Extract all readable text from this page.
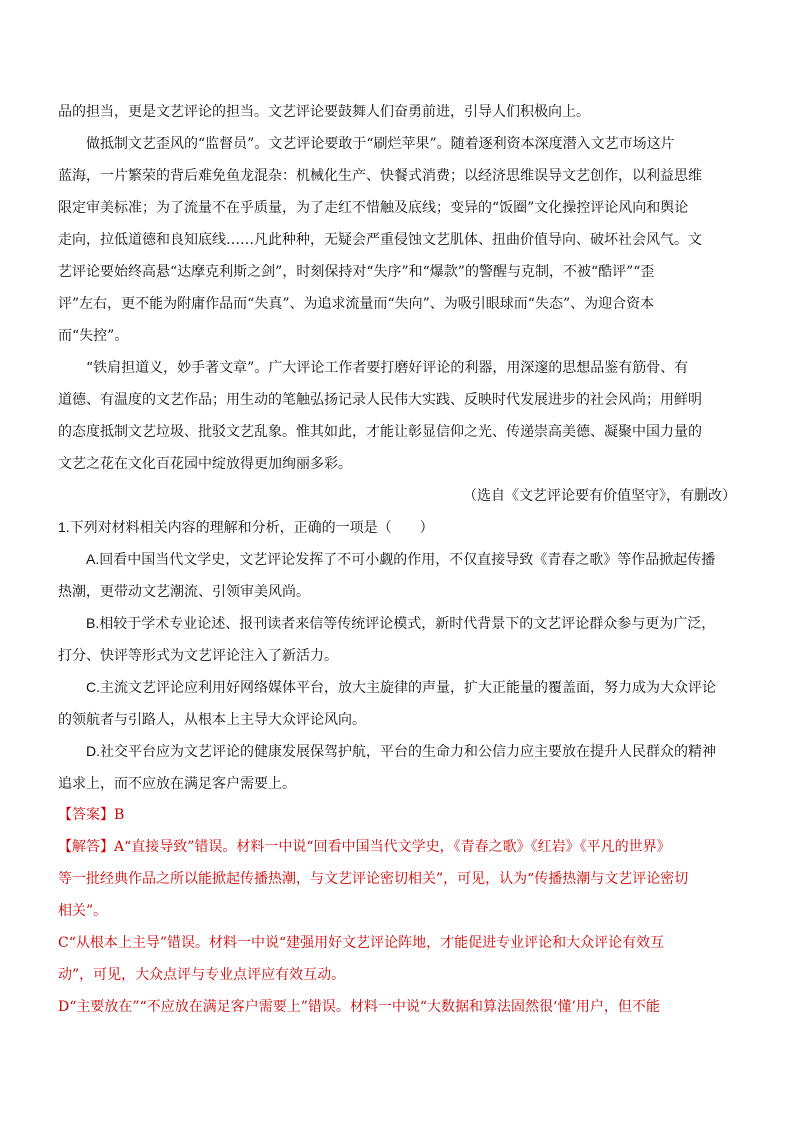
品的担当，更是文艺评论的担当。文艺评论要鼓舞人们奋勇前进，引导人们积极向上。
做抵制文艺歪风的“监督员”。文艺评论要敢于“刷烂苹果”。随着逐利资本深度潜入文艺市场这片
蓝海，一片繁荣的背后难免鱼龙混杂：机械化生产、快餐式消费；以经济思维误导文艺创作，以利益思维
限定审美标准；为了流量不在乎质量，为了走红不惜触及底线；变异的“饭圈”文化操控评论风向和舆论
走向，拉低道德和良知底线……凡此种种，无疑会严重侵蚀文艺肌体、扭曲价值导向、破坏社会风气。文
艺评论要始终高悬“达摩克利斯之剑”，时刻保持对“失序”和“爆款”的警醒与克制，不被“酷评”“歪
评”左右，更不能为附庸作品而“失真”、为追求流量而“失向”、为吸引眼球而“失态”、为迎合资本
而“失控”。
“铁肩担道义，妙手著文章”。广大评论工作者要打磨好评论的利器，用深邃的思想品鉴有筋骨、有
道德、有温度的文艺作品；用生动的笔触弘扬记录人民伟大实践、反映时代发展进步的社会风尚；用鲜明
的态度抵制文艺垃圾、批驳文艺乱象。惟其如此，才能让彰显信仰之光、传递崇高美德、凝聚中国力量的
文艺之花在文化百花园中绽放得更加绚丽多彩。
（选自《文艺评论要有价值坚守》，有删改）
1.下列对材料相关内容的理解和分析，正确的一项是（　　）
A.回看中国当代文学史，文艺评论发挥了不可小觑的作用，不仅直接导致《青春之歌》等作品掀起传播
热潮，更带动文艺潮流、引领审美风尚。
B.相较于学术专业论述、报刊读者来信等传统评论模式，新时代背景下的文艺评论群众参与更为广泛，
打分、快评等形式为文艺评论注入了新活力。
C.主流文艺评论应利用好网络媒体平台，放大主旋律的声量，扩大正能量的覆盖面，努力成为大众评论
的领航者与引路人，从根本上主导大众评论风向。
D.社交平台应为文艺评论的健康发展保驾护航，平台的生命力和公信力应主要放在提升人民群众的精神
追求上，而不应放在满足客户需要上。
【答案】B
【解答】A“直接导致”错误。材料一中说“回看中国当代文学史，《青春之歌》《红岩》《平凡的世界》
等一批经典作品之所以能掀起传播热潮，与文艺评论密切相关”，可见，认为“传播热潮与文艺评论密切
相关”。
C“从根本上主导”错误。材料一中说“建强用好文艺评论阵地，才能促进专业评论和大众评论有效互
动”，可见，大众点评与专业点评应有效互动。
D“主要放在”“不应放在满足客户需要上”错误。材料一中说“大数据和算法固然很‘懂’用户，但不能
